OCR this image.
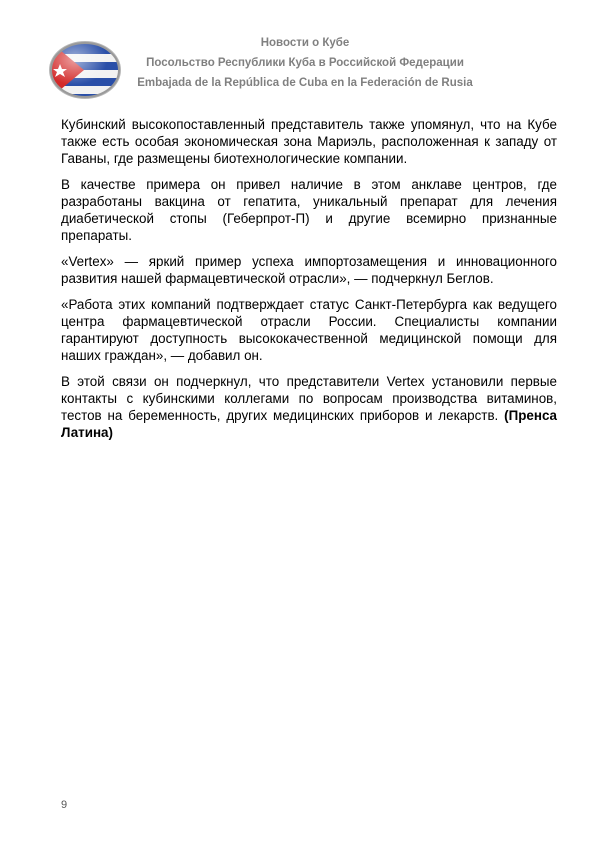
Новости о Кубе
Посольство Республики Куба в Российской Федерации
Embajada de la República de Cuba en la Federación de Rusia

Кубинский высокопоставленный представитель также упомянул, что на Кубе также есть особая экономическая зона Мариэль, расположенная к западу от Гаваны, где размещены биотехнологические компании.

В качестве примера он привел наличие в этом анклаве центров, где разработаны вакцина от гепатита, уникальный препарат для лечения диабетической стопы (Геберпрот-П) и другие всемирно признанные препараты.

«Vertex» — яркий пример успеха импортозамещения и инновационного развития нашей фармацевтической отрасли», — подчеркнул Беглов.

«Работа этих компаний подтверждает статус Санкт-Петербурга как ведущего центра фармацевтической отрасли России. Специалисты компании гарантируют доступность высококачественной медицинской помощи для наших граждан», — добавил он.

В этой связи он подчеркнул, что представители Vertex установили первые контакты с кубинскими коллегами по вопросам производства витаминов, тестов на беременность, других медицинских приборов и лекарств. (Пренса Латина)

9
